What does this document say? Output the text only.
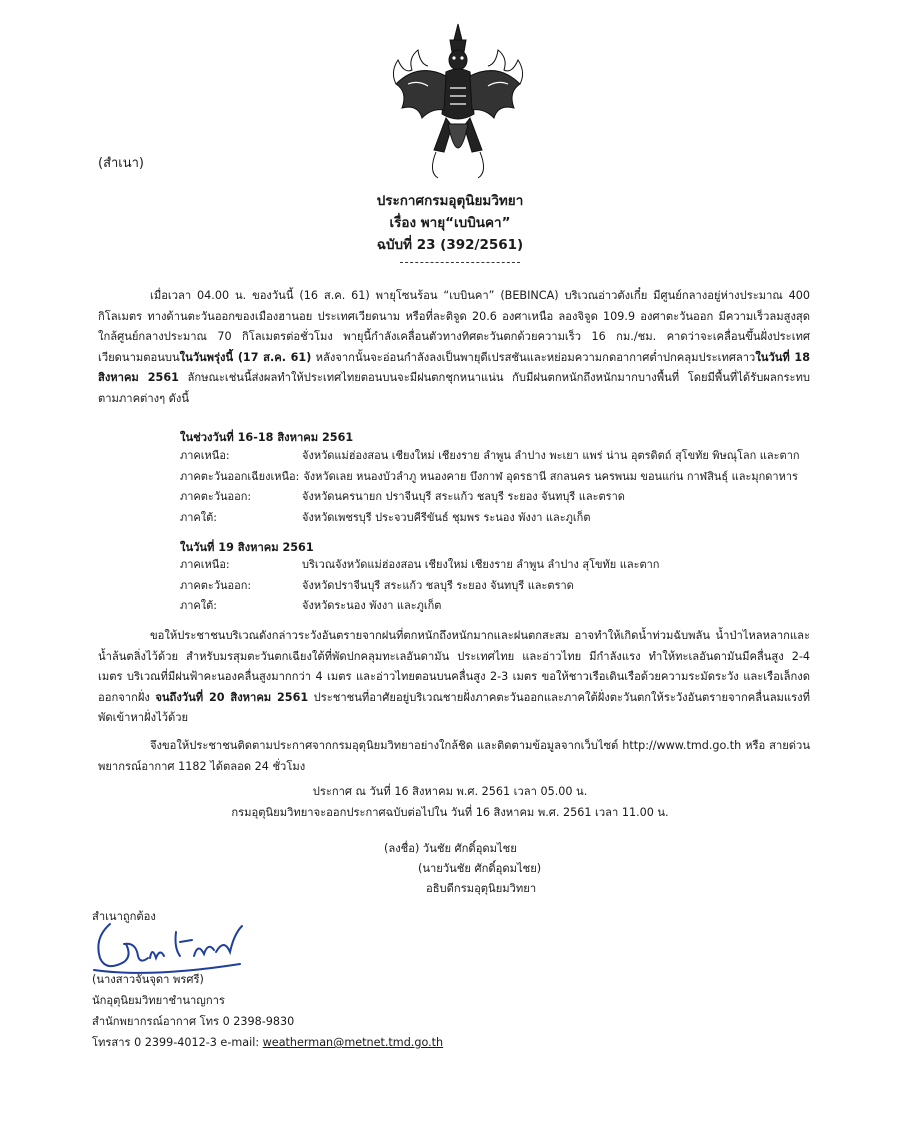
(สำเนา)
ประกาศกรมอุตุนิยมวิทยา
เรื่อง พายุ“เบบินคา”
ฉบับที่ 23 (392/2561)

เมื่อเวลา 04.00 น. ของวันนี้ (16 ส.ค. 61) พายุโซนร้อน “เบบินคา” (BEBINCA) บริเวณอ่าวตังเกี๋ย มีศูนย์กลางอยู่ห่างประมาณ 400 กิโลเมตร ทางด้านตะวันออกของเมืองฮานอย ประเทศเวียดนาม หรือที่ละติจูด 20.6 องศาเหนือ ลองจิจูด 109.9 องศาตะวันออก มีความเร็วลมสูงสุดใกล้ศูนย์กลางประมาณ 70 กิโลเมตรต่อชั่วโมง พายุนี้กำลังเคลื่อนตัวทางทิศตะวันตกด้วยความเร็ว 16 กม./ชม. คาดว่าจะเคลื่อนขึ้นฝั่งประเทศเวียดนามตอนบนในวันพรุ่งนี้ (17 ส.ค. 61) หลังจากนั้นจะอ่อนกำลังลงเป็นพายุดีเปรสชันและหย่อมความกดอากาศต่ำปกคลุมประเทศลาวในวันที่ 18 สิงหาคม 2561 ลักษณะเช่นนี้ส่งผลทำให้ประเทศไทยตอนบนจะมีฝนตกชุกหนาแน่น กับมีฝนตกหนักถึงหนักมากบางพื้นที่ โดยมีพื้นที่ได้รับผลกระทบตามภาคต่างๆ ดังนี้

ในช่วงวันที่ 16-18 สิงหาคม 2561
ภาคเหนือ:	จังหวัดแม่ฮ่องสอน เชียงใหม่ เชียงราย ลำพูน ลำปาง พะเยา แพร่ น่าน อุตรดิตถ์ สุโขทัย พิษณุโลก และตาก
ภาคตะวันออกเฉียงเหนือ: จังหวัดเลย หนองบัวลำภู หนองคาย บึงกาฬ อุดรธานี สกลนคร นครพนม ขอนแก่น กาฬสินธุ์ และมุกดาหาร
ภาคตะวันออก:	จังหวัดนครนายก ปราจีนบุรี สระแก้ว ชลบุรี ระยอง จันทบุรี และตราด
ภาคใต้:	จังหวัดเพชรบุรี ประจวบคีรีขันธ์ ชุมพร ระนอง พังงา และภูเก็ต
ในวันที่ 19 สิงหาคม 2561
ภาคเหนือ:	บริเวณจังหวัดแม่ฮ่องสอน เชียงใหม่ เชียงราย ลำพูน ลำปาง สุโขทัย และตาก
ภาคตะวันออก:	จังหวัดปราจีนบุรี สระแก้ว ชลบุรี ระยอง จันทบุรี และตราด
ภาคใต้:	จังหวัดระนอง พังงา และภูเก็ต

ขอให้ประชาชนบริเวณดังกล่าวระวังอันตรายจากฝนที่ตกหนักถึงหนักมากและฝนตกสะสม อาจทำให้เกิดน้ำท่วมฉับพลัน น้ำป่าไหลหลากและน้ำล้นตลิ่งไว้ด้วย สำหรับมรสุมตะวันตกเฉียงใต้ที่พัดปกคลุมทะเลอันดามัน ประเทศไทย และอ่าวไทย มีกำลังแรง ทำให้ทะเลอันดามันมีคลื่นสูง 2-4 เมตร บริเวณที่มีฝนฟ้าคะนองคลื่นสูงมากกว่า 4 เมตร และอ่าวไทยตอนบนคลื่นสูง 2-3 เมตร ขอให้ชาวเรือเดินเรือด้วยความระมัดระวัง และเรือเล็กงดออกจากฝั่ง จนถึงวันที่ 20 สิงหาคม 2561 ประชาชนที่อาศัยอยู่บริเวณชายฝั่งภาคตะวันออกและภาคใต้ฝั่งตะวันตกให้ระวังอันตรายจากคลื่นลมแรงที่พัดเข้าหาฝั่งไว้ด้วย

จึงขอให้ประชาชนติดตามประกาศจากกรมอุตุนิยมวิทยาอย่างใกล้ชิด และติดตามข้อมูลจากเว็บไซต์ http://www.tmd.go.th หรือ สายด่วนพยากรณ์อากาศ 1182 ได้ตลอด 24 ชั่วโมง

ประกาศ ณ วันที่ 16 สิงหาคม พ.ศ. 2561 เวลา 05.00 น.
กรมอุตุนิยมวิทยาจะออกประกาศฉบับต่อไปใน วันที่ 16 สิงหาคม พ.ศ. 2561 เวลา 11.00 น.
(ลงชื่อ) วันชัย ศักดิ์อุดมไชย
(นายวันชัย ศักดิ์อุดมไชย)
อธิบดีกรมอุตุนิยมวิทยา
สำเนาถูกต้อง
(นางสาวจันจุดา พรศรี)
นักอุตุนิยมวิทยาชำนาญการ
สำนักพยากรณ์อากาศ โทร 0 2398-9830
โทรสาร 0 2399-4012-3 e-mail: weatherman@metnet.tmd.go.th
